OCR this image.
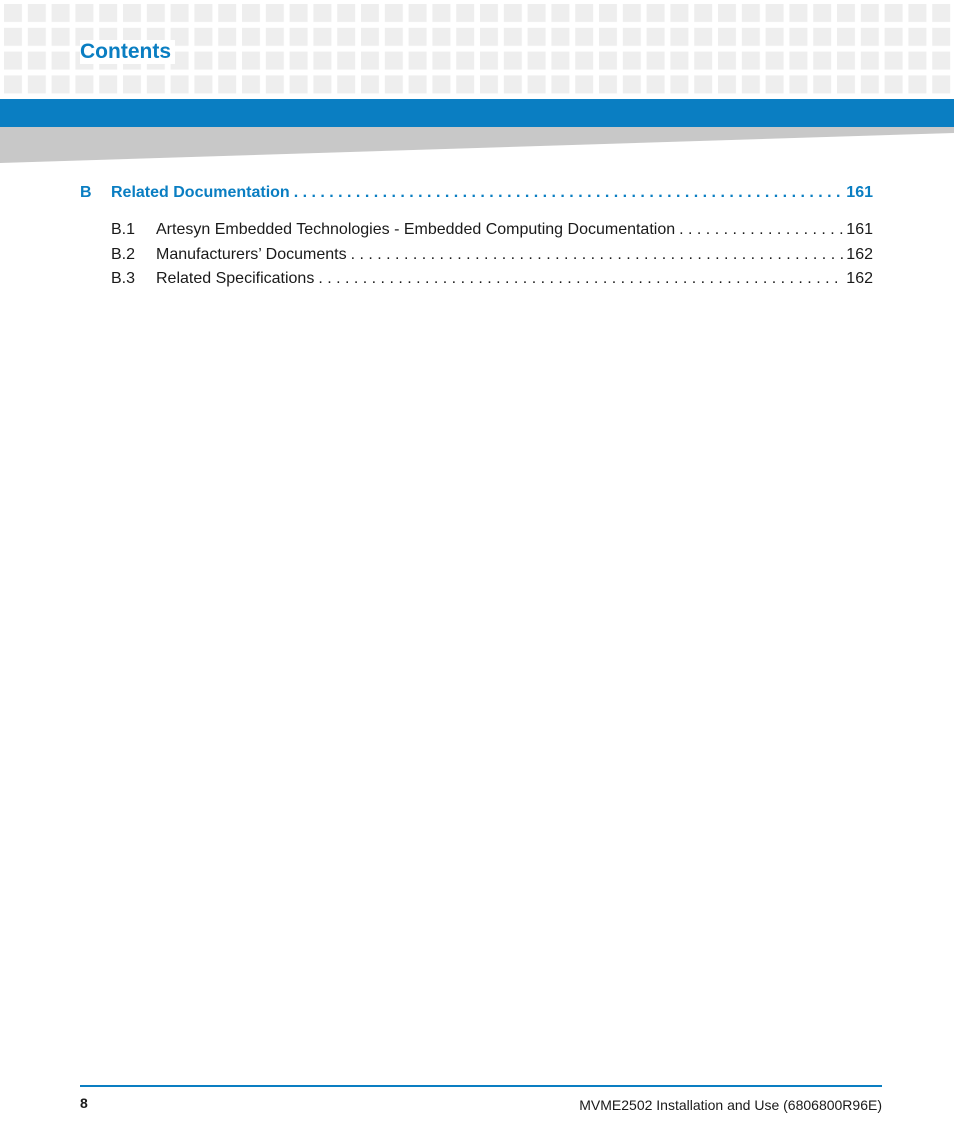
Contents
B	Related Documentation . . .	161
B.1	Artesyn Embedded Technologies - Embedded Computing Documentation . . .	161
B.2	Manufacturers’ Documents . . .	162
B.3	Related Specifications . . .	162
8	MVME2502 Installation and Use (6806800R96E)
